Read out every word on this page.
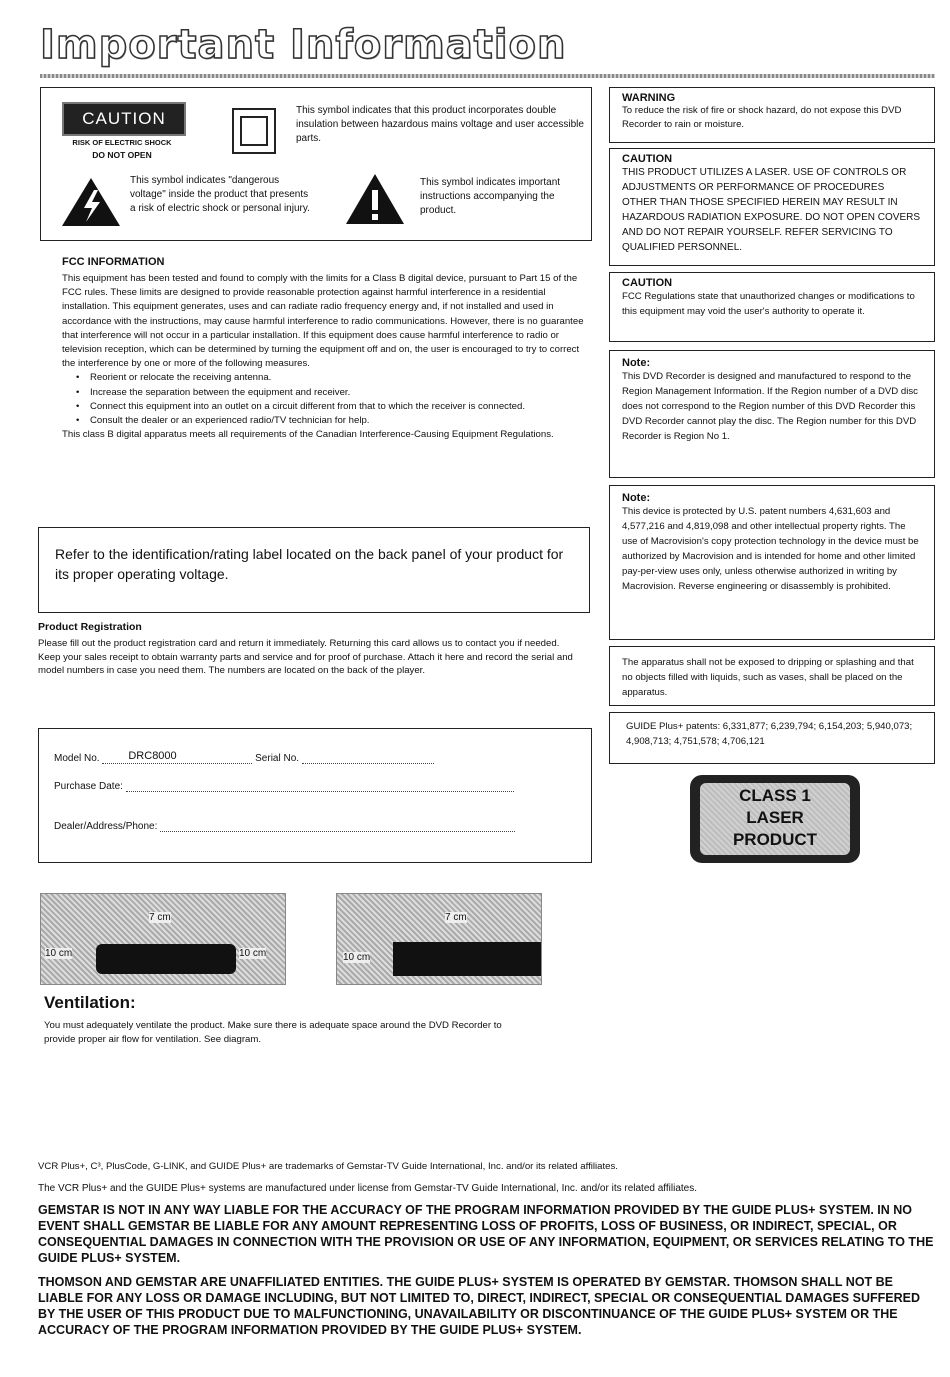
Important Information
CAUTION
RISK OF ELECTRIC SHOCK
DO NOT OPEN
This symbol indicates that this product incorporates double insulation between hazardous mains voltage and user accessible parts.
This symbol indicates "dangerous voltage" inside the product that presents a risk of electric shock or personal injury.
This symbol indicates important instructions accompanying the product.
FCC INFORMATION
This equipment has been tested and found to comply with the limits for a Class B digital device, pursuant to Part 15 of the FCC rules. These limits are designed to provide reasonable protection against harmful interference in a residential installation. This equipment generates, uses and can radiate radio frequency energy and, if not installed and used in accordance with the instructions, may cause harmful interference to radio communications. However, there is no guarantee that interference will not occur in a particular installation. If this equipment does cause harmful interference to radio or television reception, which can be determined by turning the equipment off and on, the user is encouraged to try to correct the interference by one or more of the following measures.
• Reorient or relocate the receiving antenna.
• Increase the separation between the equipment and receiver.
• Connect this equipment into an outlet on a circuit different from that to which the receiver is connected.
• Consult the dealer or an experienced radio/TV technician for help.
This class B digital apparatus meets all requirements of the Canadian Interference-Causing Equipment Regulations.
Refer to the identification/rating label located on the back panel of your product for its proper operating voltage.
Product Registration
Please fill out the product registration card and return it immediately. Returning this card allows us to contact you if needed.
Keep your sales receipt to obtain warranty parts and service and for proof of purchase. Attach it here and record the serial and model numbers in case you need them. The numbers are located on the back of the player.
Model No.	DRC8000	Serial No.
Purchase Date:
Dealer/Address/Phone:
7 cm
10 cm	10 cm
7 cm
10 cm
Ventilation:
You must adequately ventilate the product. Make sure there is adequate space around the DVD Recorder to provide proper air flow for ventilation. See diagram.
WARNING
To reduce the risk of fire or shock hazard, do not expose this DVD Recorder to rain or moisture.
CAUTION
THIS PRODUCT UTILIZES A LASER. USE OF CONTROLS OR ADJUSTMENTS OR PERFORMANCE OF PROCEDURES OTHER THAN THOSE SPECIFIED HEREIN MAY RESULT IN HAZARDOUS RADIATION EXPOSURE. DO NOT OPEN COVERS AND DO NOT REPAIR YOURSELF. REFER SERVICING TO QUALIFIED PERSONNEL.
CAUTION
FCC Regulations state that unauthorized changes or modifications to this equipment may void the user's authority to operate it.
Note:
This DVD Recorder is designed and manufactured to respond to the Region Management Information. If the Region number of a DVD disc does not correspond to the Region number of this DVD Recorder this DVD Recorder cannot play the disc. The Region number for this DVD Recorder is Region No 1.
Note:
This device is protected by U.S. patent numbers 4,631,603 and 4,577,216 and 4,819,098 and other intellectual property rights. The use of Macrovision's copy protection technology in the device must be authorized by Macrovision and is intended for home and other limited pay-per-view uses only, unless otherwise authorized in writing by Macrovision. Reverse engineering or disassembly is prohibited.
The apparatus shall not be exposed to dripping or splashing and that no objects filled with liquids, such as vases, shall be placed on the apparatus.
GUIDE Plus+ patents: 6,331,877; 6,239,794; 6,154,203; 5,940,073; 4,908,713; 4,751,578; 4,706,121
CLASS 1
LASER
PRODUCT
VCR Plus+, C³, PlusCode, G-LINK, and GUIDE Plus+ are trademarks of Gemstar-TV Guide International, Inc. and/or its related affiliates.
The VCR Plus+ and the GUIDE Plus+ systems are manufactured under license from Gemstar-TV Guide International, Inc. and/or its related affiliates.
GEMSTAR IS NOT IN ANY WAY LIABLE FOR THE ACCURACY OF THE PROGRAM INFORMATION PROVIDED BY THE GUIDE PLUS+ SYSTEM. IN NO EVENT SHALL GEMSTAR BE LIABLE FOR ANY AMOUNT REPRESENTING LOSS OF PROFITS, LOSS OF BUSINESS, OR INDIRECT, SPECIAL, OR CONSEQUENTIAL DAMAGES IN CONNECTION WITH THE PROVISION OR USE OF ANY INFORMATION, EQUIPMENT, OR SERVICES RELATING TO THE GUIDE PLUS+ SYSTEM.
THOMSON AND GEMSTAR ARE UNAFFILIATED ENTITIES. THE GUIDE PLUS+ SYSTEM IS OPERATED BY GEMSTAR. THOMSON SHALL NOT BE LIABLE FOR ANY LOSS OR DAMAGE INCLUDING, BUT NOT LIMITED TO, DIRECT, INDIRECT, SPECIAL OR CONSEQUENTIAL DAMAGES SUFFERED BY THE USER OF THIS PRODUCT DUE TO MALFUNCTIONING, UNAVAILABILITY OR DISCONTINUANCE OF THE GUIDE PLUS+ SYSTEM OR THE ACCURACY OF THE PROGRAM INFORMATION PROVIDED BY THE GUIDE PLUS+ SYSTEM.
